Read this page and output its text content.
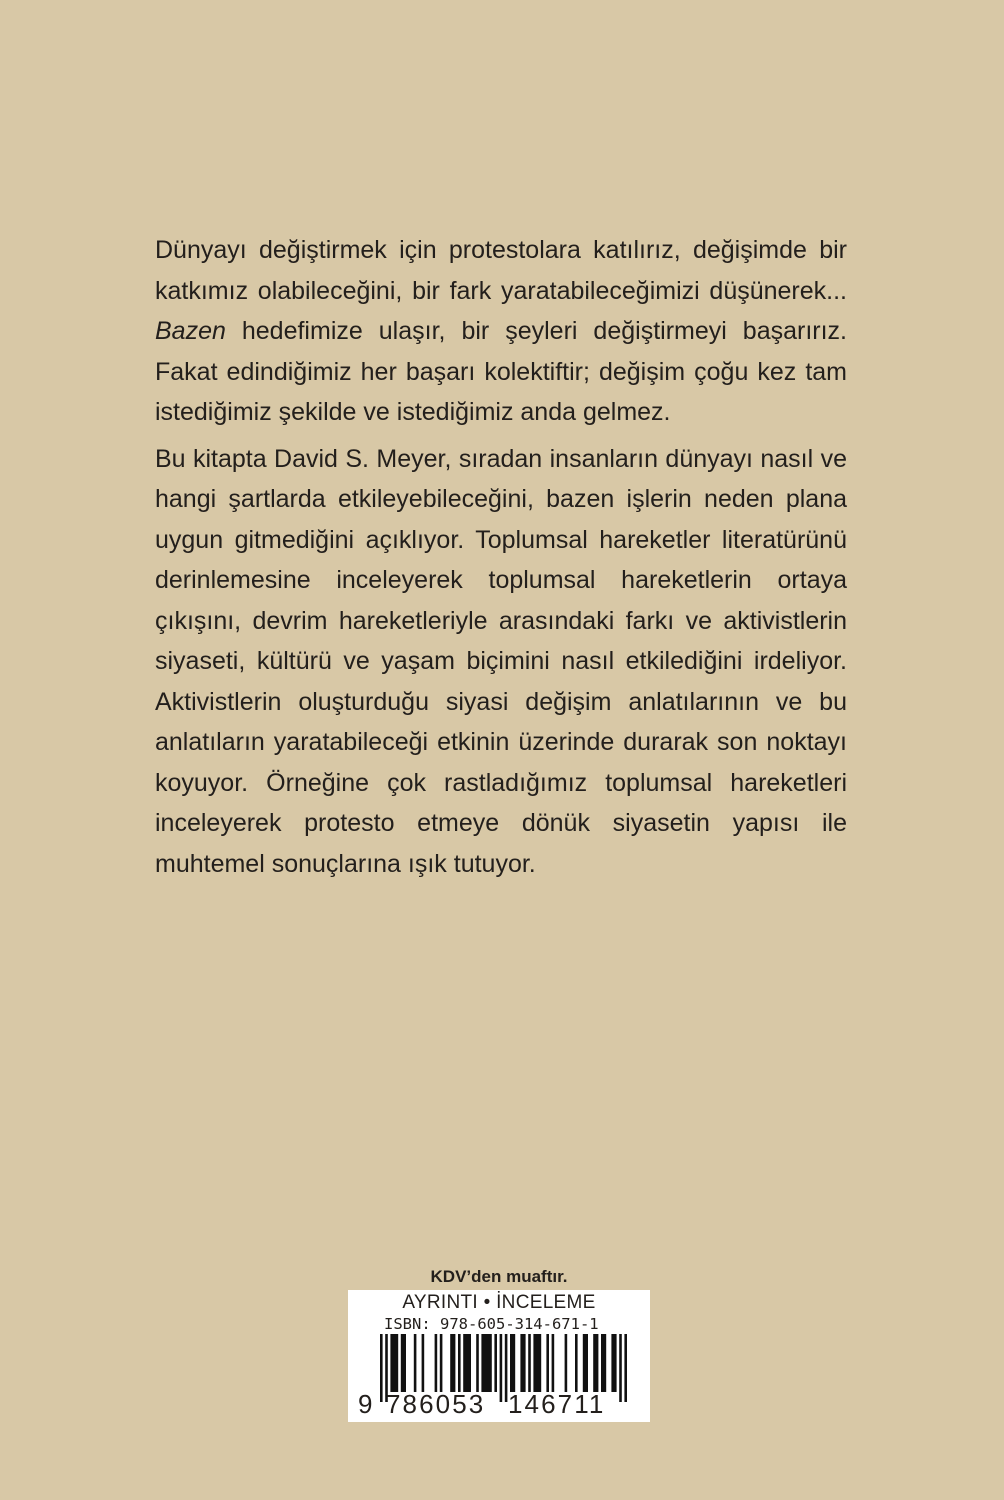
Dünyayı değiştirmek için protestolara katılırız, değişimde bir katkımız olabileceğini, bir fark yaratabileceğimizi düşünerek... Bazen hedefimize ulaşır, bir şeyleri değiştirmeyi başarırız. Fakat edindiğimiz her başarı kolektiftir; değişim çoğu kez tam istediğimiz şekilde ve istediğimiz anda gelmez.

Bu kitapta David S. Meyer, sıradan insanların dünyayı nasıl ve hangi şartlarda etkileyebileceğini, bazen işlerin neden plana uygun gitmediğini açıklıyor. Toplumsal hareketler literatürünü derinlemesine inceleyerek toplumsal hareketlerin ortaya çıkışını, devrim hareketleriyle arasındaki farkı ve aktivistlerin siyaseti, kültürü ve yaşam biçimini nasıl etkilediğini irdeliyor. Aktivistlerin oluşturduğu siyasi değişim anlatılarının ve bu anlatıların yaratabileceği etkinin üzerinde durarak son noktayı koyuyor. Örneğine çok rastladığımız toplumsal hareketleri inceleyerek protesto etmeye dönük siyasetin yapısı ile muhtemel sonuçlarına ışık tutuyor.

KDV’den muaftır.
AYRINTI • İNCELEME
ISBN: 978-605-314-671-1
9 786053 146711
